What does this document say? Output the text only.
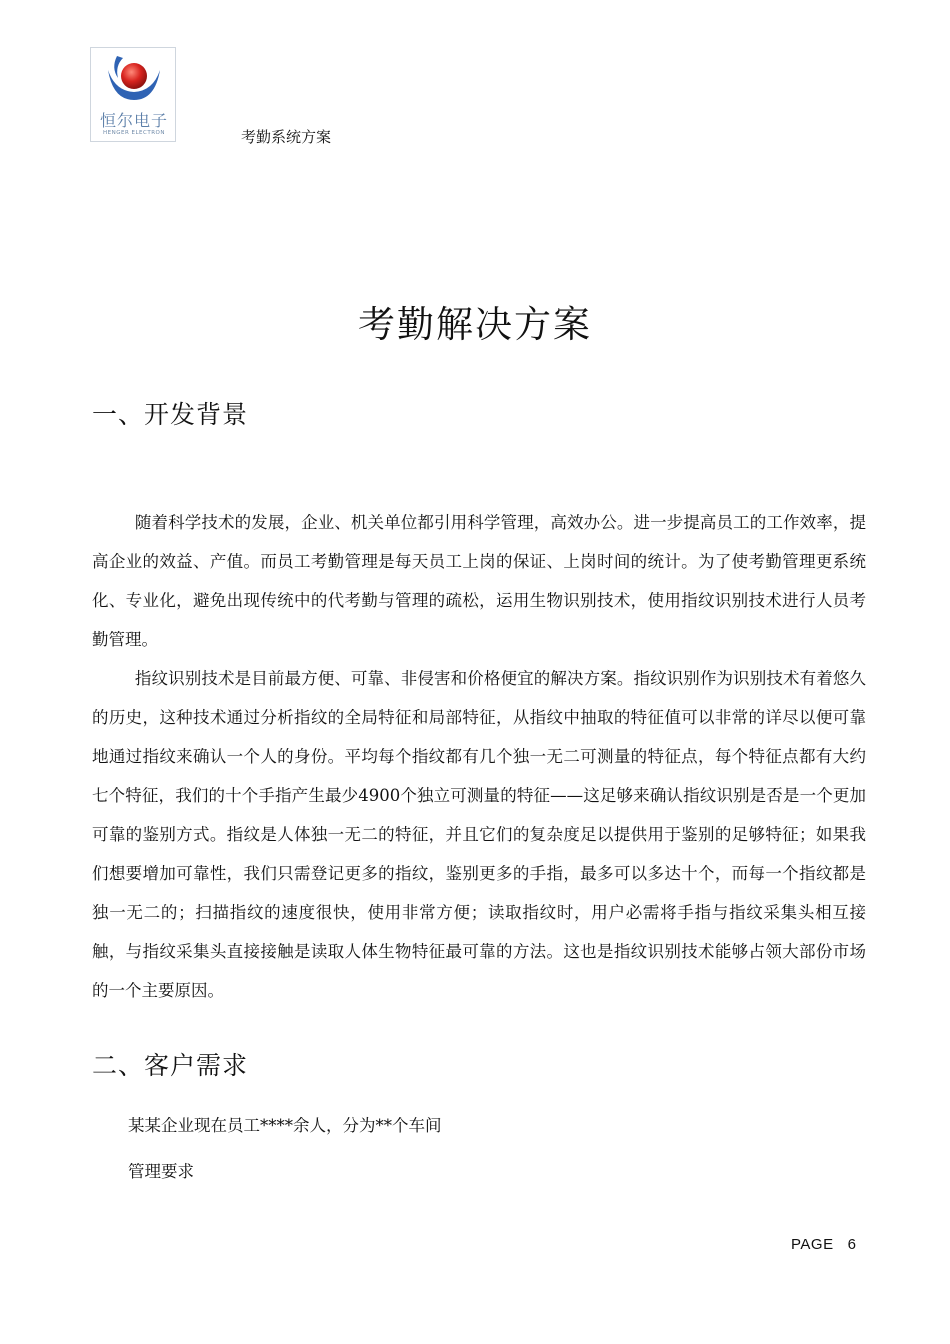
恒尔电子
HENGER ELECTRON	考勤系统方案
考勤解决方案
一、开发背景

随着科学技术的发展，企业、机关单位都引用科学管理，高效办公。进一步提高员工的工作效率，提高企业的效益、产值。而员工考勤管理是每天员工上岗的保证、上岗时间的统计。为了使考勤管理更系统化、专业化，避免出现传统中的代考勤与管理的疏松，运用生物识别技术，使用指纹识别技术进行人员考勤管理。

指纹识别技术是目前最方便、可靠、非侵害和价格便宜的解决方案。指纹识别作为识别技术有着悠久的历史，这种技术通过分析指纹的全局特征和局部特征，从指纹中抽取的特征值可以非常的详尽以便可靠地通过指纹来确认一个人的身份。平均每个指纹都有几个独一无二可测量的特征点，每个特征点都有大约七个特征，我们的十个手指产生最少4900个独立可测量的特征——这足够来确认指纹识别是否是一个更加可靠的鉴别方式。指纹是人体独一无二的特征，并且它们的复杂度足以提供用于鉴别的足够特征；如果我们想要增加可靠性，我们只需登记更多的指纹，鉴别更多的手指，最多可以多达十个，而每一个指纹都是独一无二的；扫描指纹的速度很快，使用非常方便；读取指纹时，用户必需将手指与指纹采集头相互接触，与指纹采集头直接接触是读取人体生物特征最可靠的方法。这也是指纹识别技术能够占领大部份市场的一个主要原因。

二、客户需求
某某企业现在员工****余人，分为**个车间
管理要求
PAGE 6
